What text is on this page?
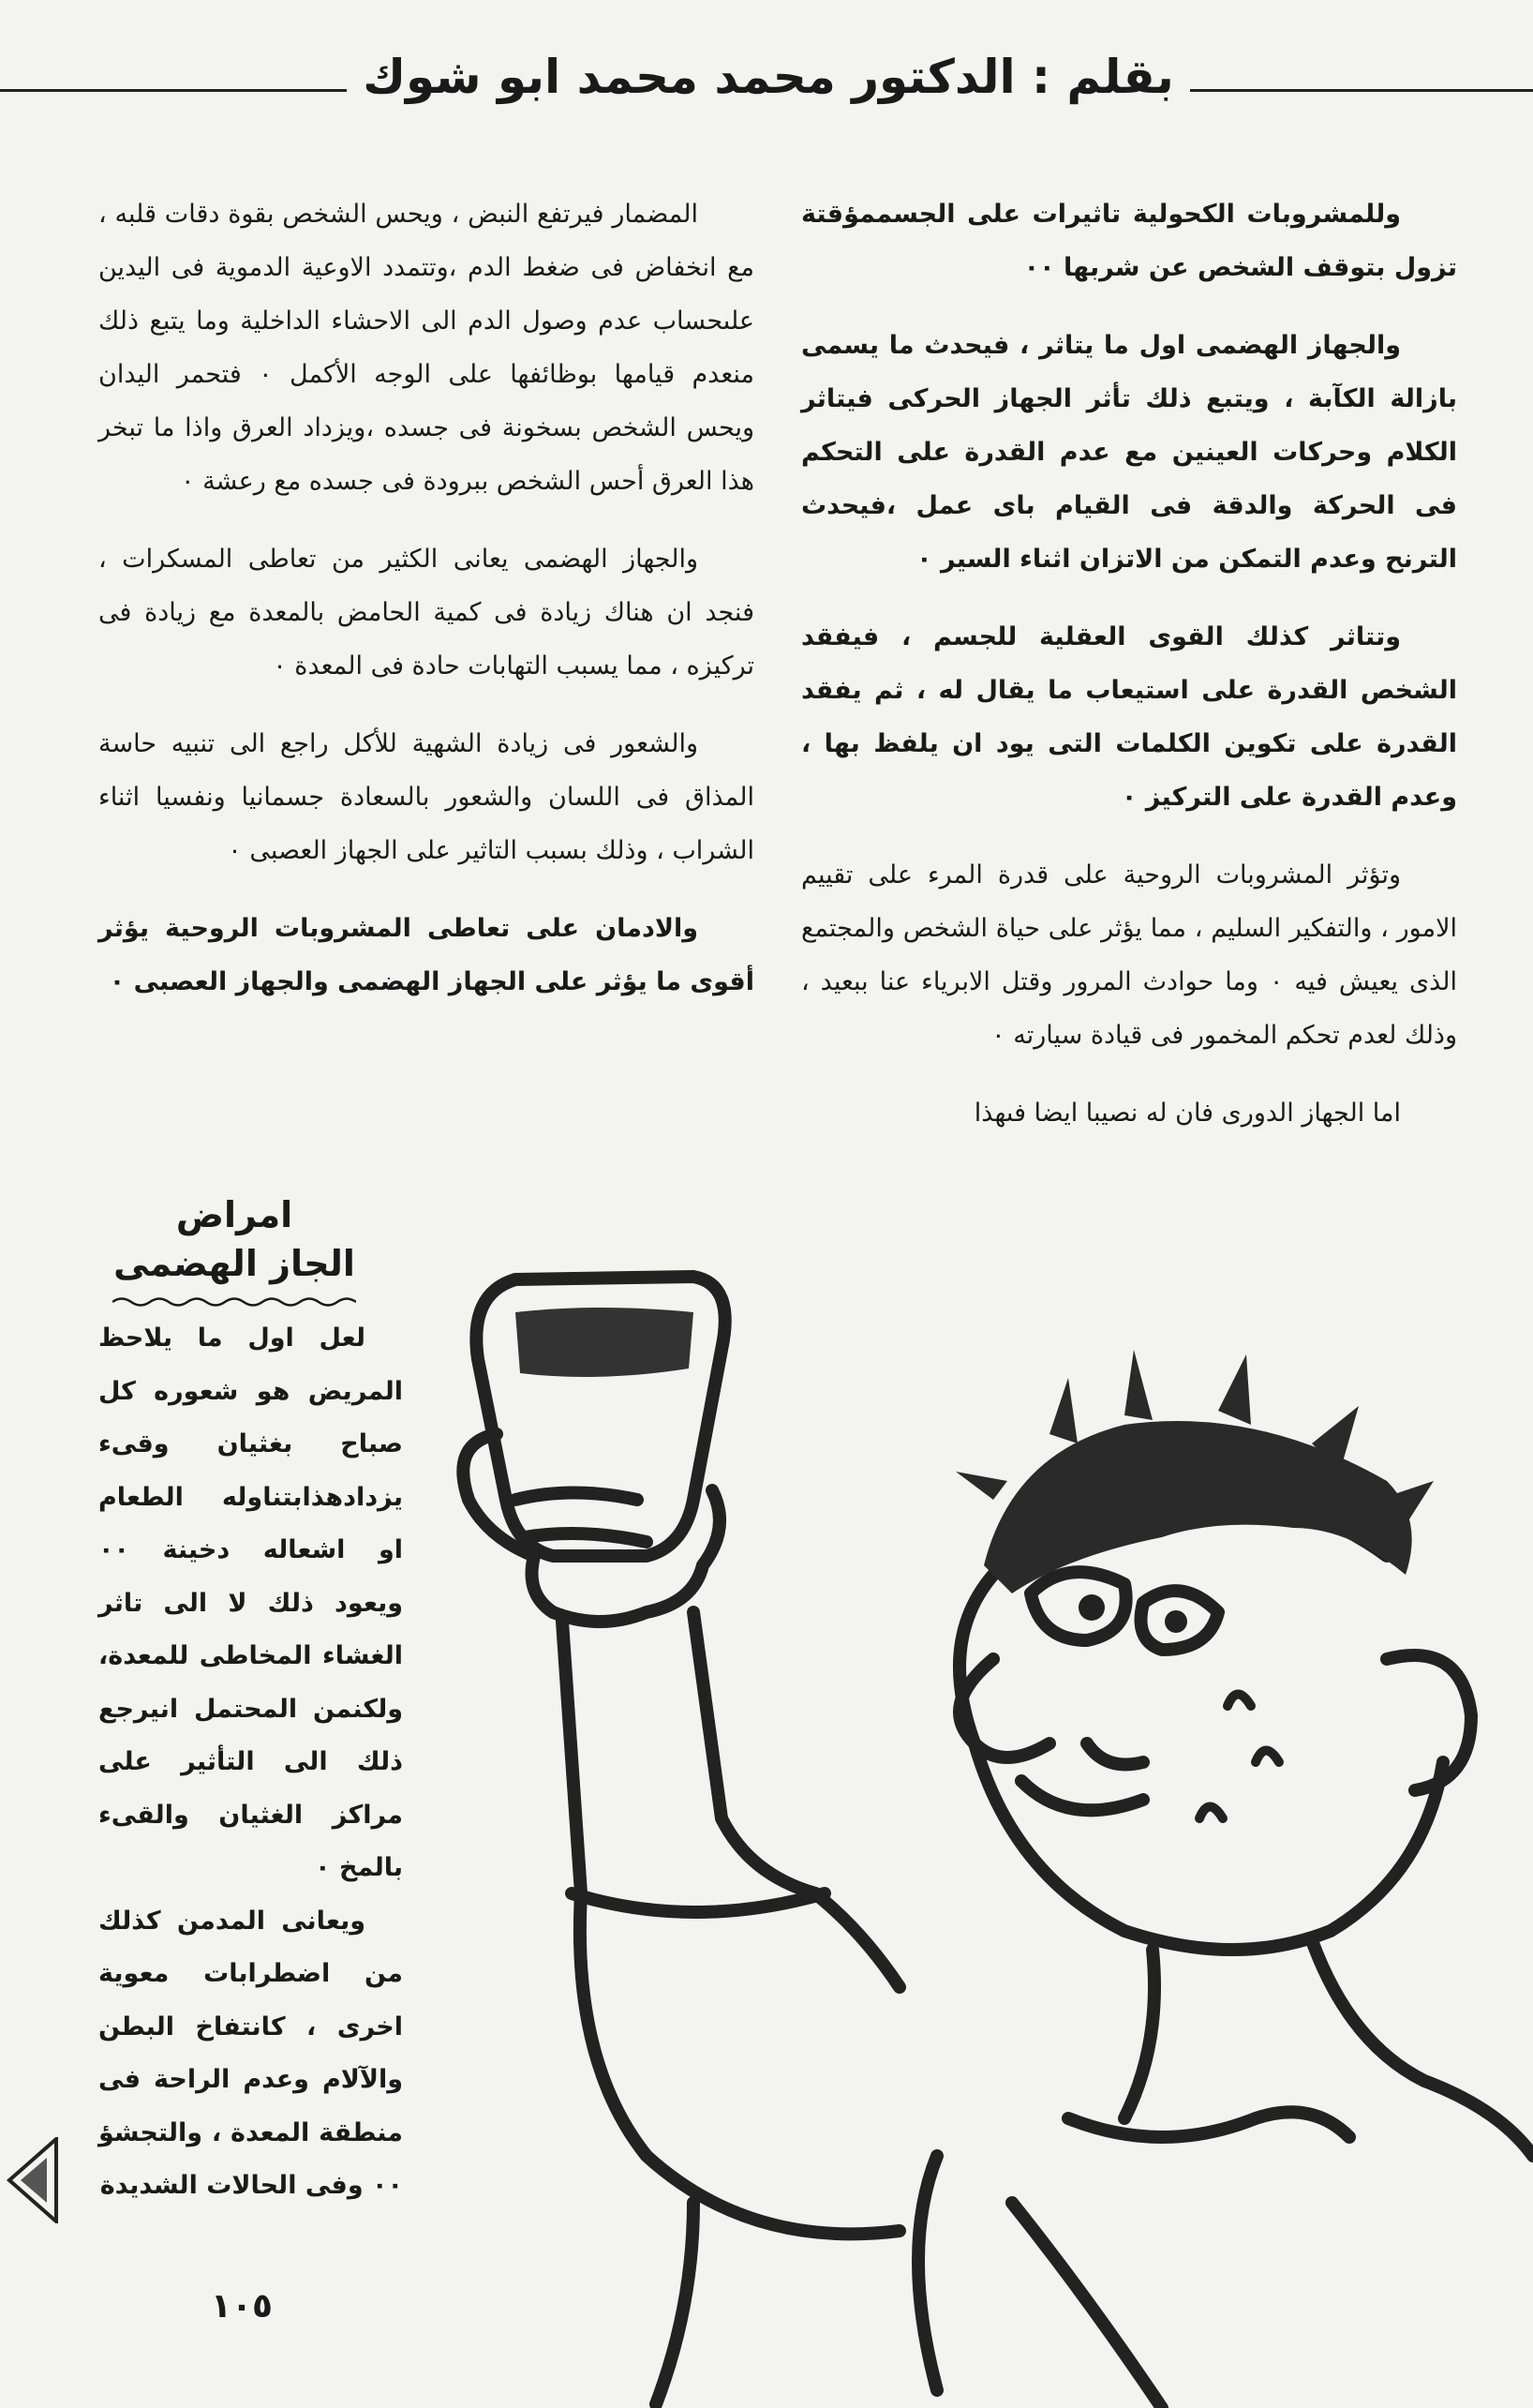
بقلم : الدكتور محمد محمد ابو شوك

وللمشروبات الكحولية تاثيرات على الجسممؤقتة تزول بتوقف الشخص عن شربها ٠٠

والجهاز الهضمى اول ما يتاثر ، فيحدث ما يسمى بازالة الكآبة ، ويتبع ذلك تأثر الجهاز الحركى فيتاثر الكلام وحركات العينين مع عدم القدرة على التحكم فى الحركة والدقة فى القيام باى عمل ،فيحدث الترنح وعدم التمكن من الاتزان اثناء السير ٠

وتتاثر كذلك القوى العقلية للجسم ، فيفقد الشخص القدرة على استيعاب ما يقال له ، ثم يفقد القدرة على تكوين الكلمات التى يود ان يلفظ بها ، وعدم القدرة على التركيز ٠

وتؤثر المشروبات الروحية على قدرة المرء على تقييم الامور ، والتفكير السليم ، مما يؤثر على حياة الشخص والمجتمع الذى يعيش فيه ٠ وما حوادث المرور وقتل الابرياء عنا ببعيد ، وذلك لعدم تحكم المخمور فى قيادة سيارته ٠

اما الجهاز الدورى فان له نصيبا ايضا فىهذا

المضمار فيرتفع النبض ، ويحس الشخص بقوة دقات قلبه ، مع انخفاض فى ضغط الدم ،وتتمدد الاوعية الدموية فى اليدين علىحساب عدم وصول الدم الى الاحشاء الداخلية وما يتبع ذلك منعدم قيامها بوظائفها على الوجه الأكمل ٠ فتحمر اليدان ويحس الشخص بسخونة فى جسده ،ويزداد العرق واذا ما تبخر هذا العرق أحس الشخص ببرودة فى جسده مع رعشة ٠

والجهاز الهضمى يعانى الكثير من تعاطى المسكرات ، فنجد ان هناك زيادة فى كمية الحامض بالمعدة مع زيادة فى تركيزه ، مما يسبب التهابات حادة فى المعدة ٠

والشعور فى زيادة الشهية للأكل راجع الى تنبيه حاسة المذاق فى اللسان والشعور بالسعادة جسمانيا ونفسيا اثناء الشراب ، وذلك بسبب التاثير على الجهاز العصبى ٠

والادمان على تعاطى المشروبات الروحية يؤثر أقوى ما يؤثر على الجهاز الهضمى والجهاز العصبى ٠

امراض
الجاز الهضمى

لعل اول ما يلاحظ المريض هو شعوره كل صباح بغثيان وقىء يزدادهذابتناوله الطعام او اشعاله دخينة ٠٠ ويعود ذلك لا الى تاثر الغشاء المخاطى للمعدة، ولكنمن المحتمل انيرجع ذلك الى التأثير على مراكز الغثيان والقىء بالمخ ٠

ويعانى المدمن كذلك من اضطرابات معوية اخرى ، كانتفاخ البطن والآلام وعدم الراحة فى منطقة المعدة ، والتجشؤ ٠٠ وفى الحالات الشديدة

١٠٥
